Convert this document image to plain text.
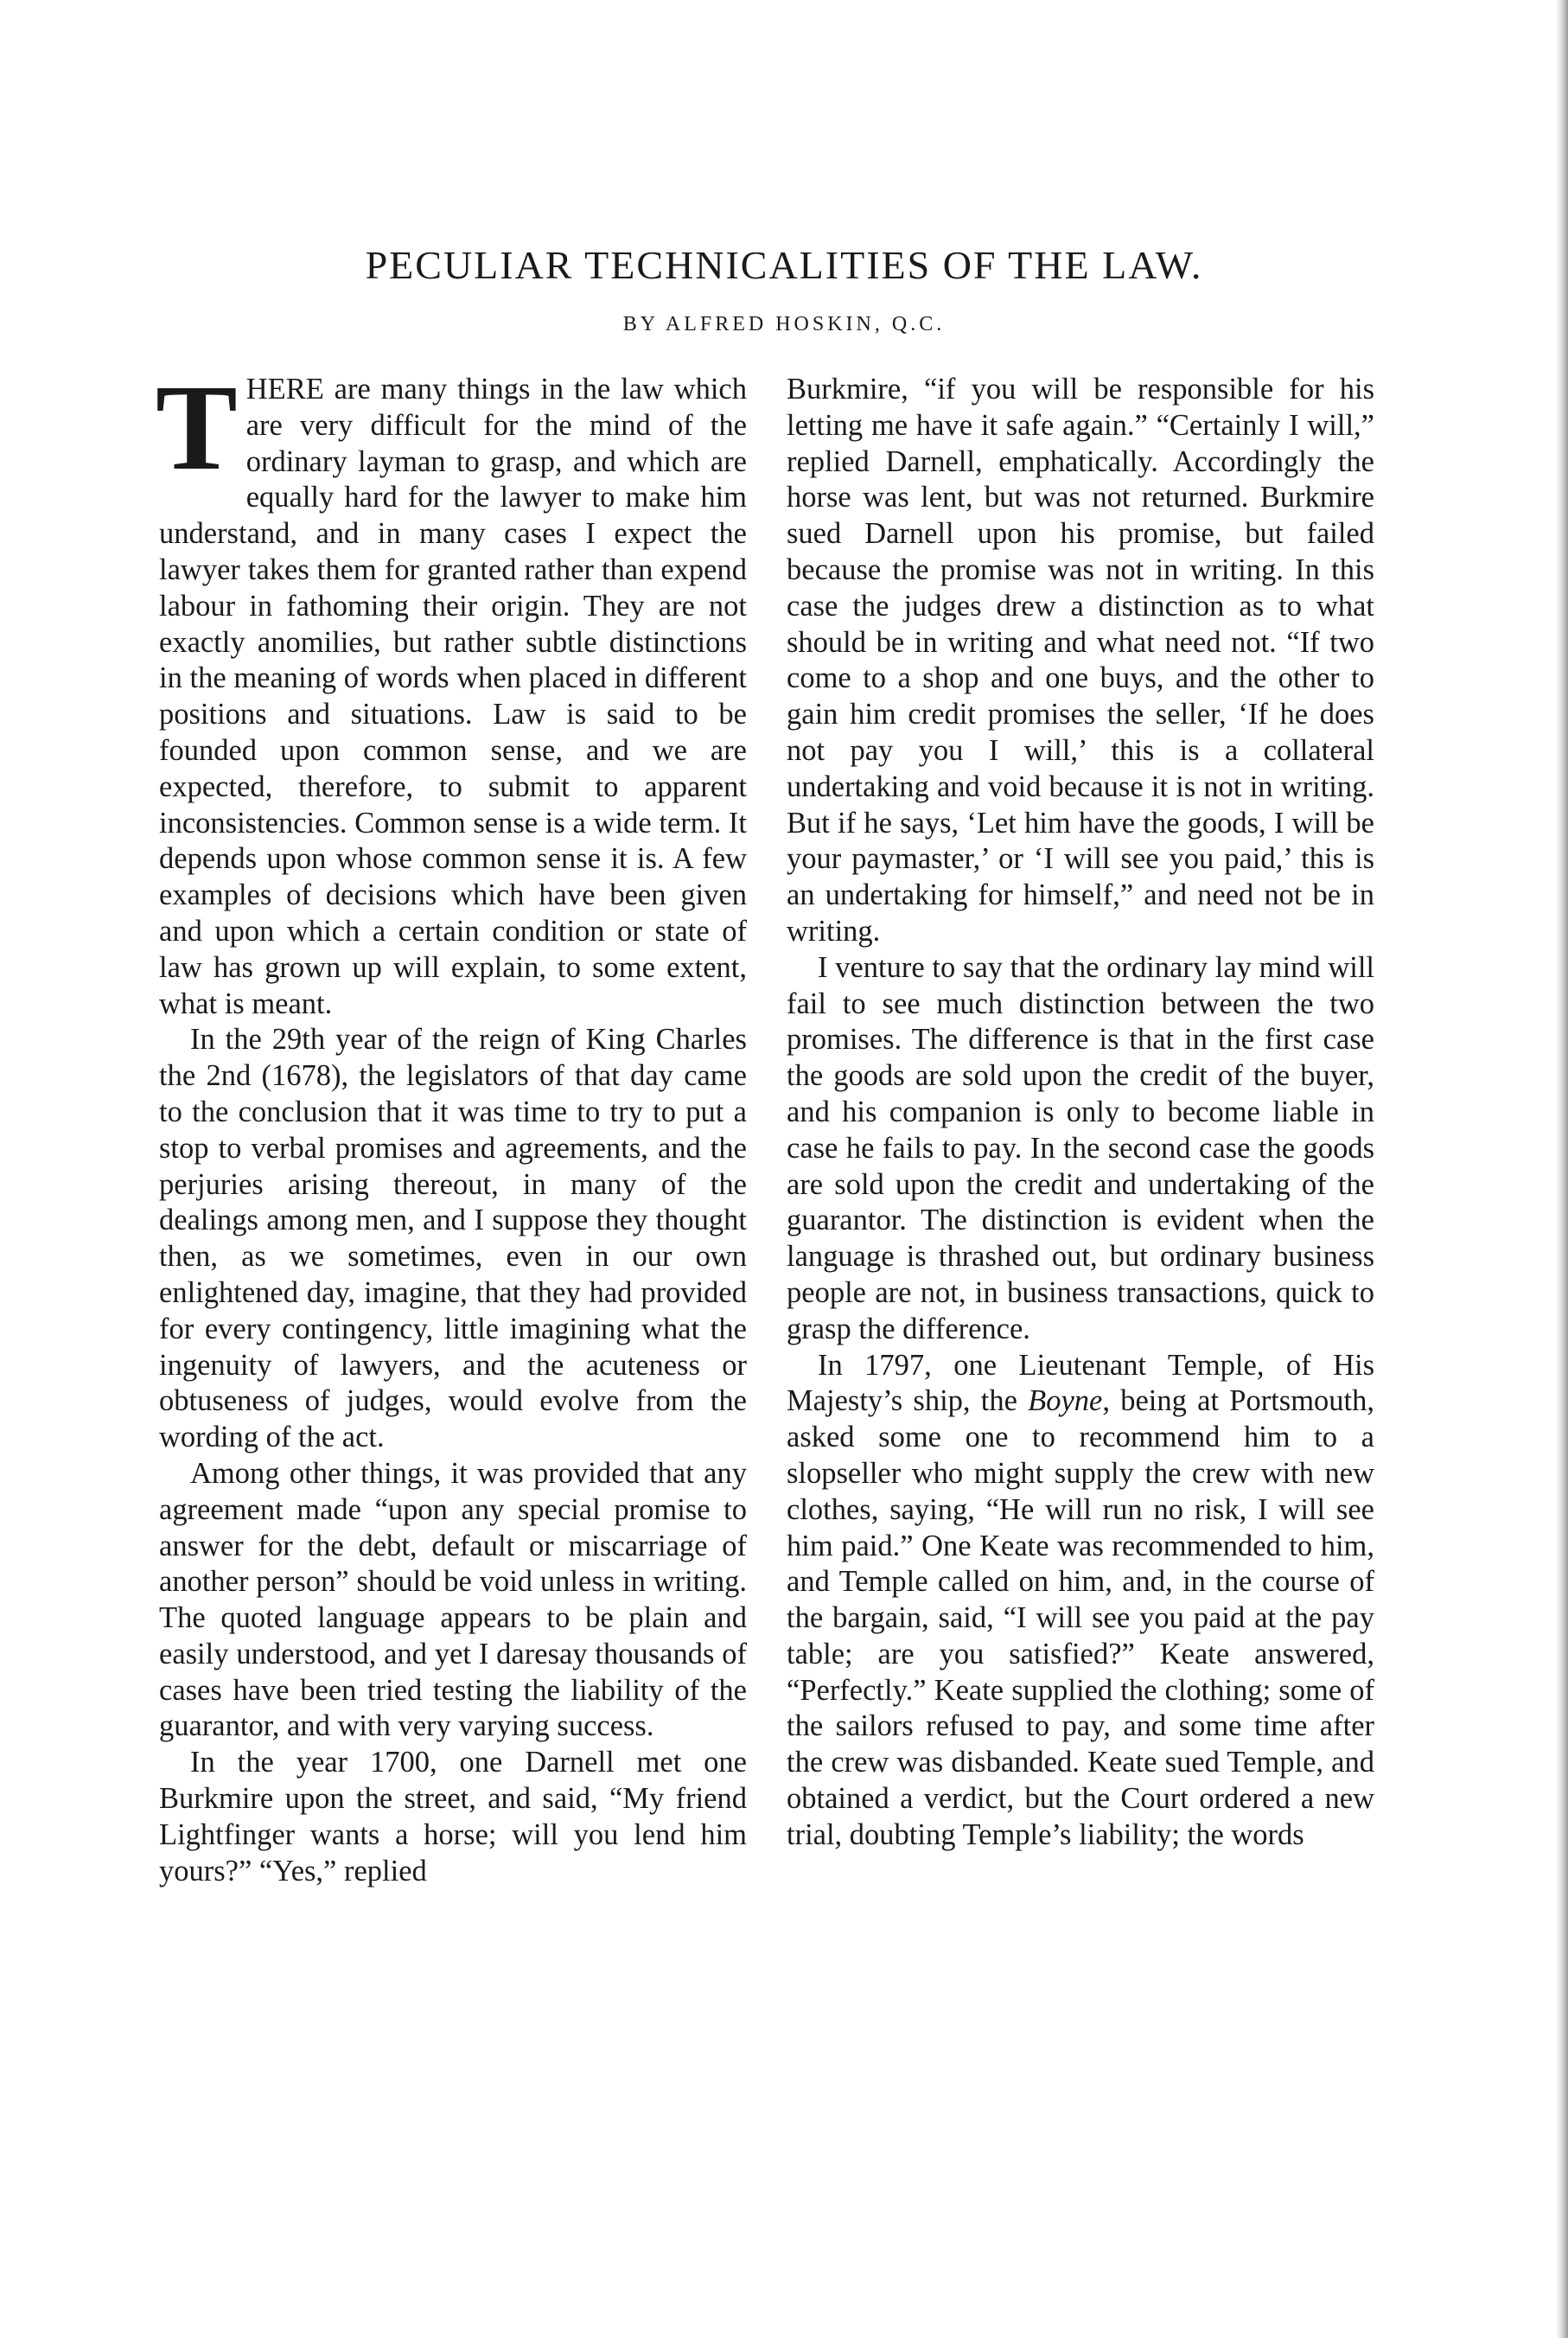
PECULIAR TECHNICALITIES OF THE LAW.
BY ALFRED HOSKIN, Q.C.

THERE are many things in the law which are very difficult for the mind of the ordinary layman to grasp, and which are equally hard for the lawyer to make him understand, and in many cases I expect the lawyer takes them for granted rather than expend labour in fathoming their origin. They are not exactly anomilies, but rather subtle distinctions in the meaning of words when placed in different positions and situations. Law is said to be founded upon common sense, and we are expected, therefore, to submit to apparent inconsistencies. Common sense is a wide term. It depends upon whose common sense it is. A few examples of decisions which have been given and upon which a certain condition or state of law has grown up will explain, to some extent, what is meant.

In the 29th year of the reign of King Charles the 2nd (1678), the legislators of that day came to the conclusion that it was time to try to put a stop to verbal promises and agreements, and the perjuries arising thereout, in many of the dealings among men, and I suppose they thought then, as we sometimes, even in our own enlightened day, imagine, that they had provided for every contingency, little imagining what the ingenuity of lawyers, and the acuteness or obtuseness of judges, would evolve from the wording of the act.

Among other things, it was provided that any agreement made “upon any special promise to answer for the debt, default or miscarriage of another person” should be void unless in writing. The quoted language appears to be plain and easily understood, and yet I daresay thousands of cases have been tried testing the liability of the guarantor, and with very varying success.

In the year 1700, one Darnell met one Burkmire upon the street, and said, “My friend Lightfinger wants a horse; will you lend him yours?” “Yes,” replied

Burkmire, “if you will be responsible for his letting me have it safe again.” “Certainly I will,” replied Darnell, emphatically. Accordingly the horse was lent, but was not returned. Burkmire sued Darnell upon his promise, but failed because the promise was not in writing. In this case the judges drew a distinction as to what should be in writing and what need not. “If two come to a shop and one buys, and the other to gain him credit promises the seller, ‘If he does not pay you I will,’ this is a collateral undertaking and void because it is not in writing. But if he says, ‘Let him have the goods, I will be your paymaster,’ or ‘I will see you paid,’ this is an undertaking for himself,” and need not be in writing.

I venture to say that the ordinary lay mind will fail to see much distinction between the two promises. The difference is that in the first case the goods are sold upon the credit of the buyer, and his companion is only to become liable in case he fails to pay. In the second case the goods are sold upon the credit and undertaking of the guarantor. The distinction is evident when the language is thrashed out, but ordinary business people are not, in business transactions, quick to grasp the difference.

In 1797, one Lieutenant Temple, of His Majesty’s ship, the Boyne, being at Portsmouth, asked some one to recommend him to a slopseller who might supply the crew with new clothes, saying, “He will run no risk, I will see him paid.” One Keate was recommended to him, and Temple called on him, and, in the course of the bargain, said, “I will see you paid at the pay table; are you satisfied?” Keate answered, “Perfectly.” Keate supplied the clothing; some of the sailors refused to pay, and some time after the crew was disbanded. Keate sued Temple, and obtained a verdict, but the Court ordered a new trial, doubting Temple’s liability; the words
